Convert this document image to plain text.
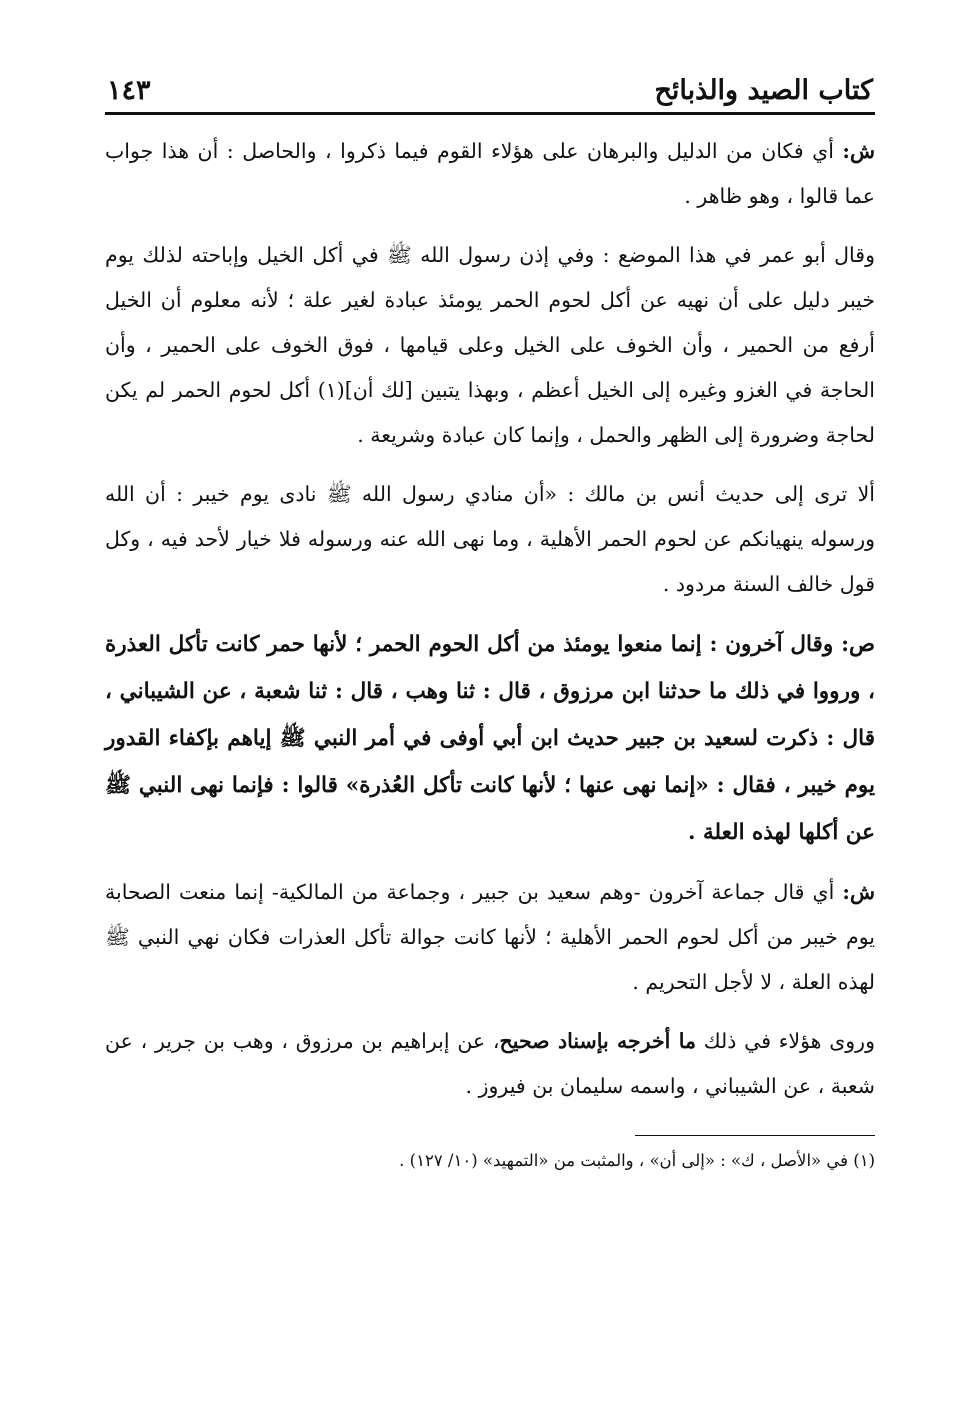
كتاب الصيد والذبائح
١٤٣

ش: أي فكان من الدليل والبرهان على هؤلاء القوم فيما ذكروا ، والحاصل : أن هذا جواب عما قالوا ، وهو ظاهر .

وقال أبو عمر في هذا الموضع : وفي إذن رسول الله ﷺ في أكل الخيل وإباحته لذلك يوم خيبر دليل على أن نهيه عن أكل لحوم الحمر يومئذ عبادة لغير علة ؛ لأنه معلوم أن الخيل أرفع من الحمير ، وأن الخوف على الخيل وعلى قيامها ، فوق الخوف على الحمير ، وأن الحاجة في الغزو وغيره إلى الخيل أعظم ، وبهذا يتبين [لك أن](١) أكل لحوم الحمر لم يكن لحاجة وضرورة إلى الظهر والحمل ، وإنما كان عبادة وشريعة .

ألا ترى إلى حديث أنس بن مالك : «أن منادي رسول الله ﷺ نادى يوم خيبر : أن الله ورسوله ينهيانكم عن لحوم الحمر الأهلية ، وما نهى الله عنه ورسوله فلا خيار لأحد فيه ، وكل قول خالف السنة مردود .

ص: وقال آخرون : إنما منعوا يومئذ من أكل الحوم الحمر ؛ لأنها حمر كانت تأكل العذرة ، ورووا في ذلك ما حدثنا ابن مرزوق ، قال : ثنا وهب ، قال : ثنا شعبة ، عن الشيباني ، قال : ذكرت لسعيد بن جبير حديث ابن أبي أوفى في أمر النبي ﷺ إياهم بإكفاء القدور يوم خيبر ، فقال : «إنما نهى عنها ؛ لأنها كانت تأكل العُذرة» قالوا : فإنما نهى النبي ﷺ عن أكلها لهذه العلة .

ش: أي قال جماعة آخرون -وهم سعيد بن جبير ، وجماعة من المالكية- إنما منعت الصحابة يوم خيبر من أكل لحوم الحمر الأهلية ؛ لأنها كانت جوالة تأكل العذرات فكان نهي النبي ﷺ لهذه العلة ، لا لأجل التحريم .

وروى هؤلاء في ذلك ما أخرجه بإسناد صحيح، عن إبراهيم بن مرزوق ، وهب بن جرير ، عن شعبة ، عن الشيباني ، واسمه سليمان بن فيروز .

(١) في «الأصل ، ك» : «إلى أن» ، والمثبت من «التمهيد» (١٠/ ١٢٧) .
